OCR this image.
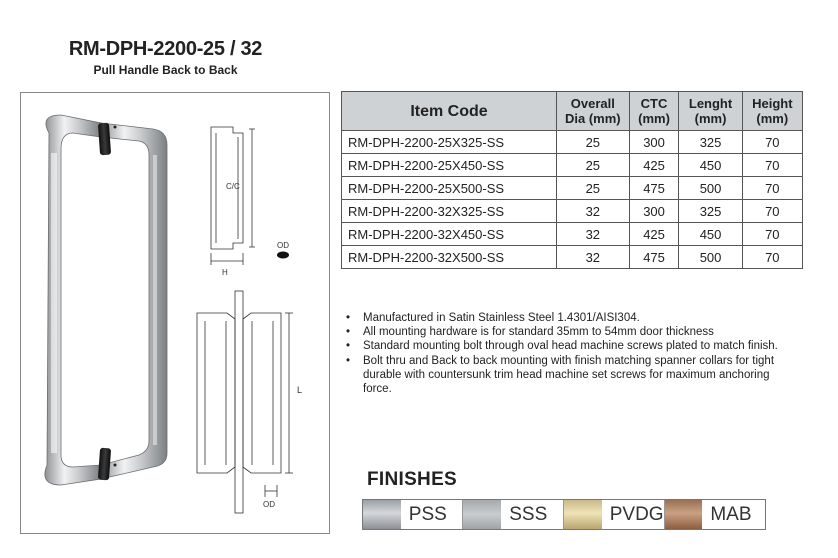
RM-DPH-2200-25 / 32
Pull Handle Back to Back
C/C
OD
H
L
OD
Item Code	Overall Dia (mm)	CTC (mm)	Lenght (mm)	Height (mm)
RM-DPH-2200-25X325-SS	25	300	325	70
RM-DPH-2200-25X450-SS	25	425	450	70
RM-DPH-2200-25X500-SS	25	475	500	70
RM-DPH-2200-32X325-SS	32	300	325	70
RM-DPH-2200-32X450-SS	32	425	450	70
RM-DPH-2200-32X500-SS	32	475	500	70
• Manufactured in Satin Stainless Steel 1.4301/AISI304.
• All mounting hardware is for standard 35mm to 54mm door thickness
• Standard mounting bolt through oval head machine screws plated to match finish.
• Bolt thru and Back to back mounting with finish matching spanner collars for tight durable with countersunk trim head machine set screws for maximum anchoring force.
FINISHES
PSS	SSS	PVDG	MAB
